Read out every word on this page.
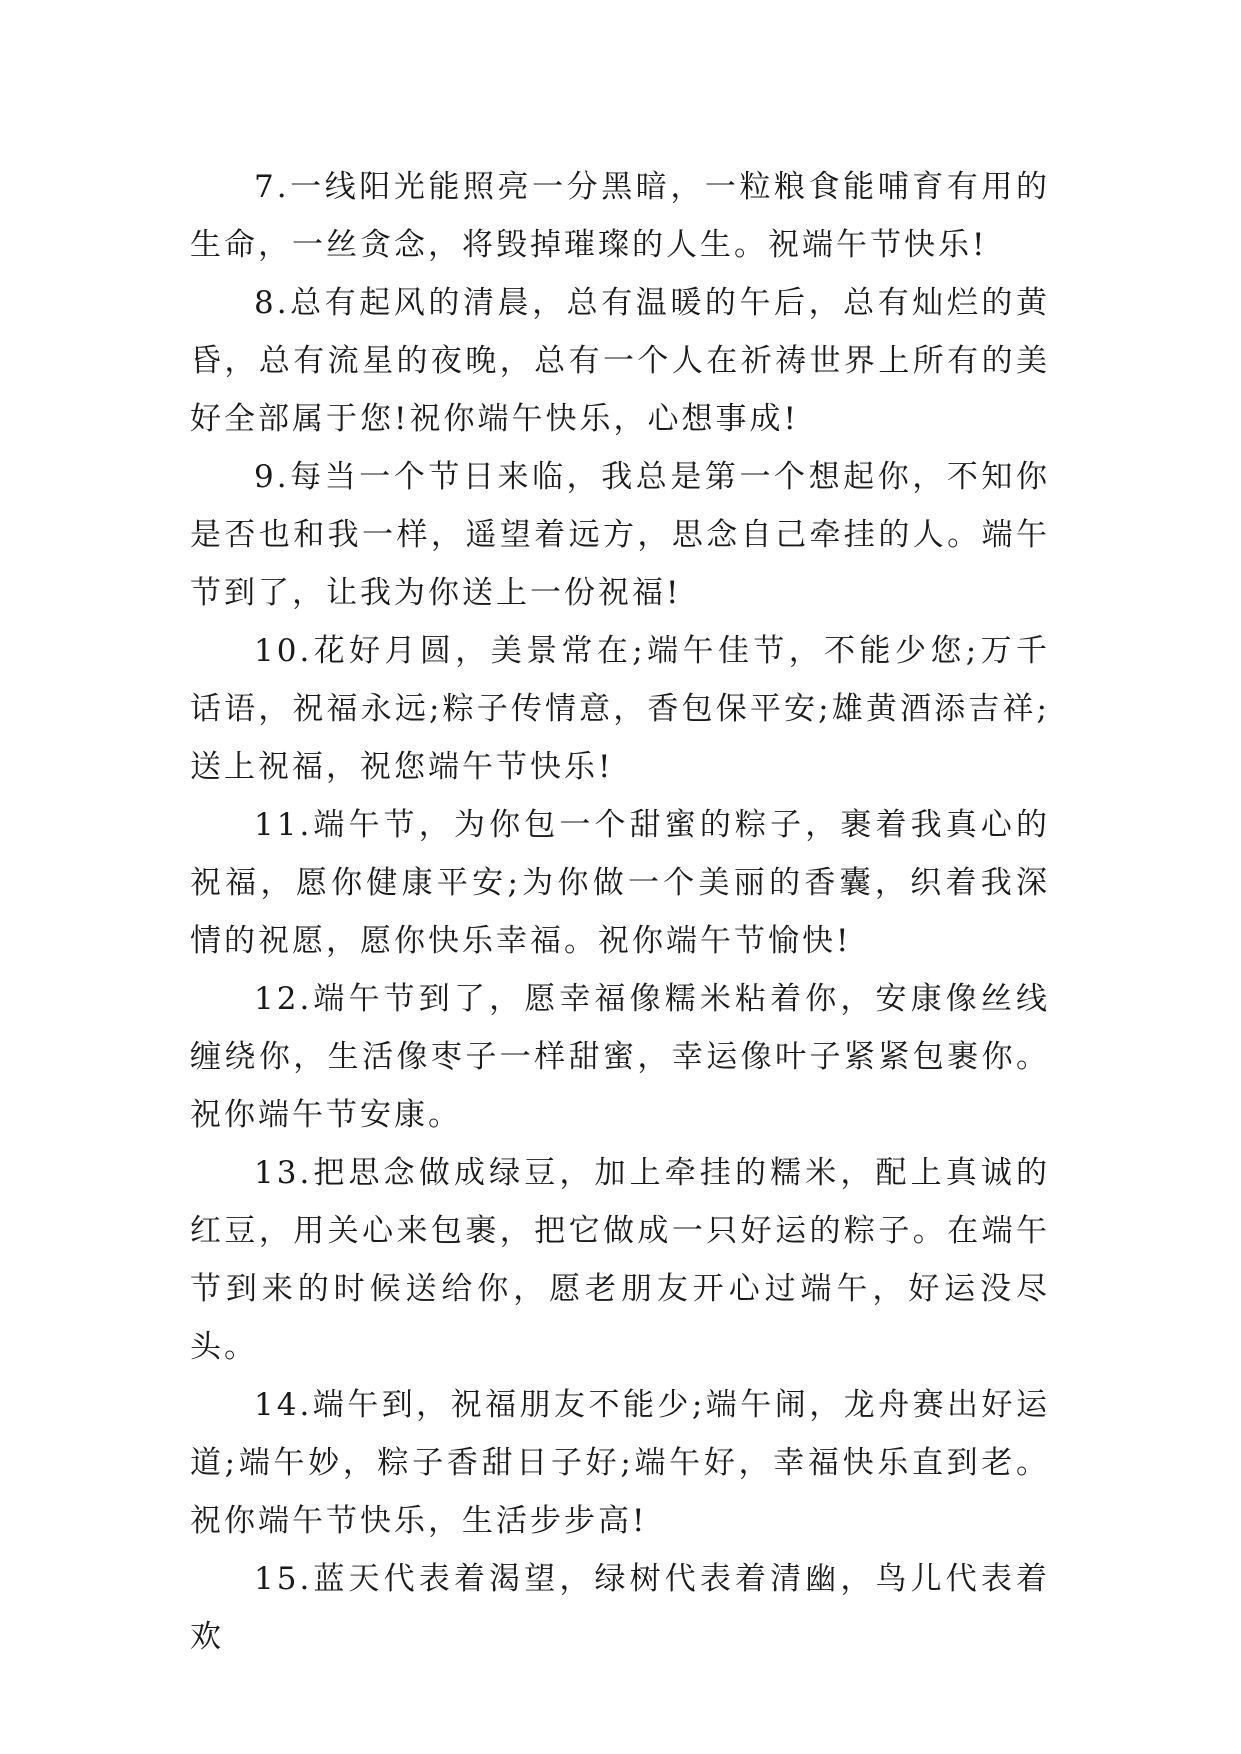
7.一线阳光能照亮一分黑暗，一粒粮食能哺育有用的生命，一丝贪念，将毁掉璀璨的人生。祝端午节快乐!

8.总有起风的清晨，总有温暖的午后，总有灿烂的黄昏，总有流星的夜晚，总有一个人在祈祷世界上所有的美好全部属于您!祝你端午快乐，心想事成!

9.每当一个节日来临，我总是第一个想起你，不知你是否也和我一样，遥望着远方，思念自己牵挂的人。端午节到了，让我为你送上一份祝福!

10.花好月圆，美景常在;端午佳节，不能少您;万千话语，祝福永远;粽子传情意，香包保平安;雄黄酒添吉祥;送上祝福，祝您端午节快乐!

11.端午节，为你包一个甜蜜的粽子，裹着我真心的祝福，愿你健康平安;为你做一个美丽的香囊，织着我深情的祝愿，愿你快乐幸福。祝你端午节愉快!

12.端午节到了，愿幸福像糯米粘着你，安康像丝线缠绕你，生活像枣子一样甜蜜，幸运像叶子紧紧包裹你。祝你端午节安康。

13.把思念做成绿豆，加上牵挂的糯米，配上真诚的红豆，用关心来包裹，把它做成一只好运的粽子。在端午节到来的时候送给你，愿老朋友开心过端午，好运没尽头。

14.端午到，祝福朋友不能少;端午闹，龙舟赛出好运道;端午妙，粽子香甜日子好;端午好，幸福快乐直到老。祝你端午节快乐，生活步步高!

15.蓝天代表着渴望，绿树代表着清幽，鸟儿代表着欢
